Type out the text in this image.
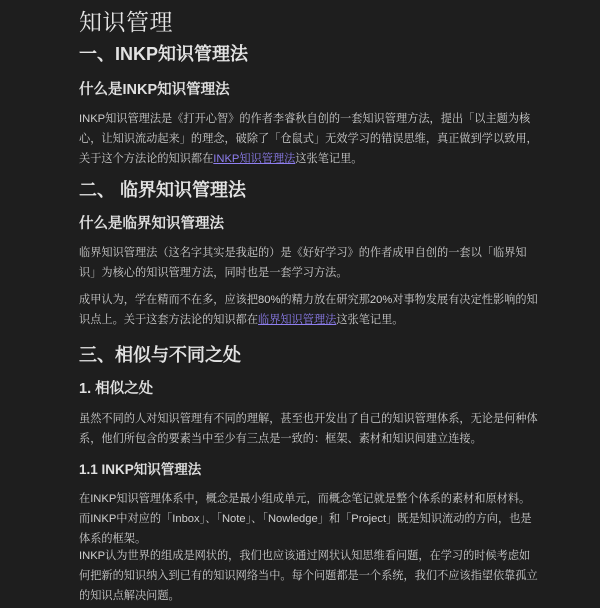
知识管理
一、INKP知识管理法
什么是INKP知识管理法

INKP知识管理法是《打开心智》的作者李睿秋自创的一套知识管理方法，提出「以主题为核心，让知识流动起来」的理念，破除了「仓鼠式」无效学习的错误思维，真正做到学以致用，关于这个方法论的知识都在INKP知识管理法这张笔记里。

二、 临界知识管理法
什么是临界知识管理法

临界知识管理法（这名字其实是我起的）是《好好学习》的作者成甲自创的一套以「临界知识」为核心的知识管理方法，同时也是一套学习方法。

成甲认为，学在精而不在多，应该把80%的精力放在研究那20%对事物发展有决定性影响的知识点上。关于这套方法论的知识都在临界知识管理法这张笔记里。

三、相似与不同之处
1. 相似之处

虽然不同的人对知识管理有不同的理解，甚至也开发出了自己的知识管理体系，无论是何种体系，他们所包含的要素当中至少有三点是一致的：框架、素材和知识间建立连接。

1.1 INKP知识管理法

在INKP知识管理体系中，概念是最小组成单元，而概念笔记就是整个体系的素材和原材料。而INKP中对应的「Inbox」、「Note」、「Nowledge」和「Project」既是知识流动的方向，也是体系的框架。

INKP认为世界的组成是网状的，我们也应该通过网状认知思维看问题，在学习的时候考虑如何把新的知识纳入到已有的知识网络当中。每个问题都是一个系统，我们不应该指望依靠孤立的知识点解决问题。
